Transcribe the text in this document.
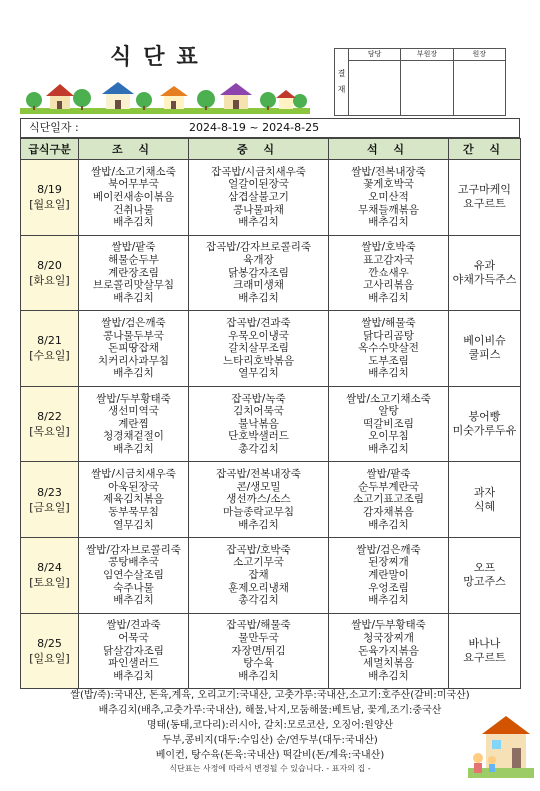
식단표
결
재
담당	부원장	원장
식단일자 :	2024-8-19 ~ 2024-8-25
급식구분	조 식	중 식	석 식	간 식

8/19
[월요일]	쌀밥/소고기채소죽
북어무부국
베이컨새송이볶음
건취나물
배추김치	잡곡밥/시금치새우죽
얼갈이된장국
삼겹살불고기
콩나물파채
배추김치	쌀밥/전복내장죽
꽃게호박국
오미산적
무채들깨볶음
배추김치	고구마케익
요구르트

8/20
[화요일]	쌀밥/팥죽
해물순두부
계란장조림
브로콜리맛살무침
배추김치	잡곡밥/감자브로콜리죽
육개장
닭봉감자조림
크래미생채
배추김치	쌀밥/호박죽
표고감자국
깐쇼새우
고사리볶음
배추김치	유과
야채가득주스

8/21
[수요일]	쌀밥/검은깨죽
콩나물두부국
돈피땅잡채
치커리사과무침
배추김치	잡곡밥/견과죽
우묵오이냉국
갈치살무조림
느타리호박볶음
열무김치	쌀밥/해물죽
닭다리곰탕
옥수수맛살전
도부조림
배추김치	베이비슈
쿨피스

8/22
[목요일]	쌀밥/두부황태죽
생선미역국
계란찜
청경채겉절이
배추김치	잡곡밥/녹죽
김치어묵국
불낙볶음
단호박샐러드
총각김치	쌀밥/소고기채소죽
알탕
떡갈비조림
오이무침
배추김치	붕어빵
미숫가루두유

8/23
[금요일]	쌀밥/시금치새우죽
아욱된장국
제육김치볶음
동부묵무침
열무김치	잡곡밥/전복내장죽
콘/생모밀
생선까스/소스
마늘종락교무침
배추김치	쌀밥/팥죽
순두부계란국
소고기표고조림
감자채볶음
배추김치	과자
식혜

8/24
[토요일]	쌀밥/감자브로콜리죽
콩탕배추국
임연수살조림
숙주나물
배추김치	잡곡밥/호박죽
소고기무국
잡채
훈제오리냉채
총각김치	쌀밥/검은깨죽
된장찌개
계란말이
우엉조림
배추김치	오프
망고주스

8/25
[일요일]	쌀밥/견과죽
어묵국
닭살감자조림
파인샐러드
배추김치	잡곡밥/해물죽
물만두국
자장면/튀김
탕수육
배추김치	쌀밥/두부황태죽
청국장찌개
돈육가지볶음
세멸치볶음
배추김치	바나나
요구르트
쌀(밥/죽):국내산, 돈육,계육, 오리고기:국내산, 고춧가루:국내산,소고기:호주산(갈비:미국산)
배추김치(배추,고춧가루:국내산), 해물,낙지,모둠해물:베트남, 꽃게,조기:중국산
명태(동태,코다리):러시아, 갈치:모로코산, 오징어:원양산
두부,콩비지(대두:수입산) 순/연두부(대두:국내산)
베이컨, 탕수육(돈육:국내산) 떡갈비(돈/계육:국내산)
식단표는 사정에 따라서 변경될 수 있습니다. - 표자의 집 -
